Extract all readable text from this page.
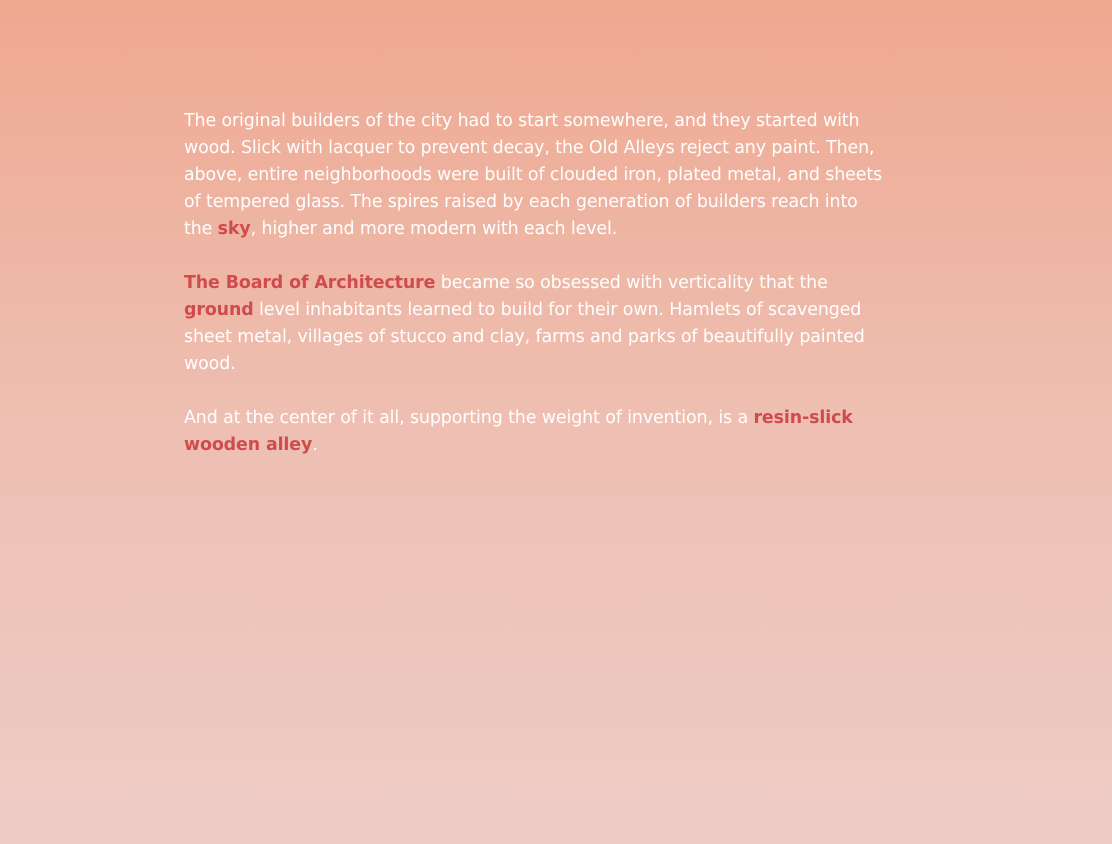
The original builders of the city had to start somewhere, and they started with wood. Slick with lacquer to prevent decay, the Old Alleys reject any paint. Then, above, entire neighborhoods were built of clouded iron, plated metal, and sheets of tempered glass. The spires raised by each generation of builders reach into the sky, higher and more modern with each level.

The Board of Architecture became so obsessed with verticality that the ground level inhabitants learned to build for their own. Hamlets of scavenged sheet metal, villages of stucco and clay, farms and parks of beautifully painted wood.

And at the center of it all, supporting the weight of invention, is a resin-slick wooden alley.
